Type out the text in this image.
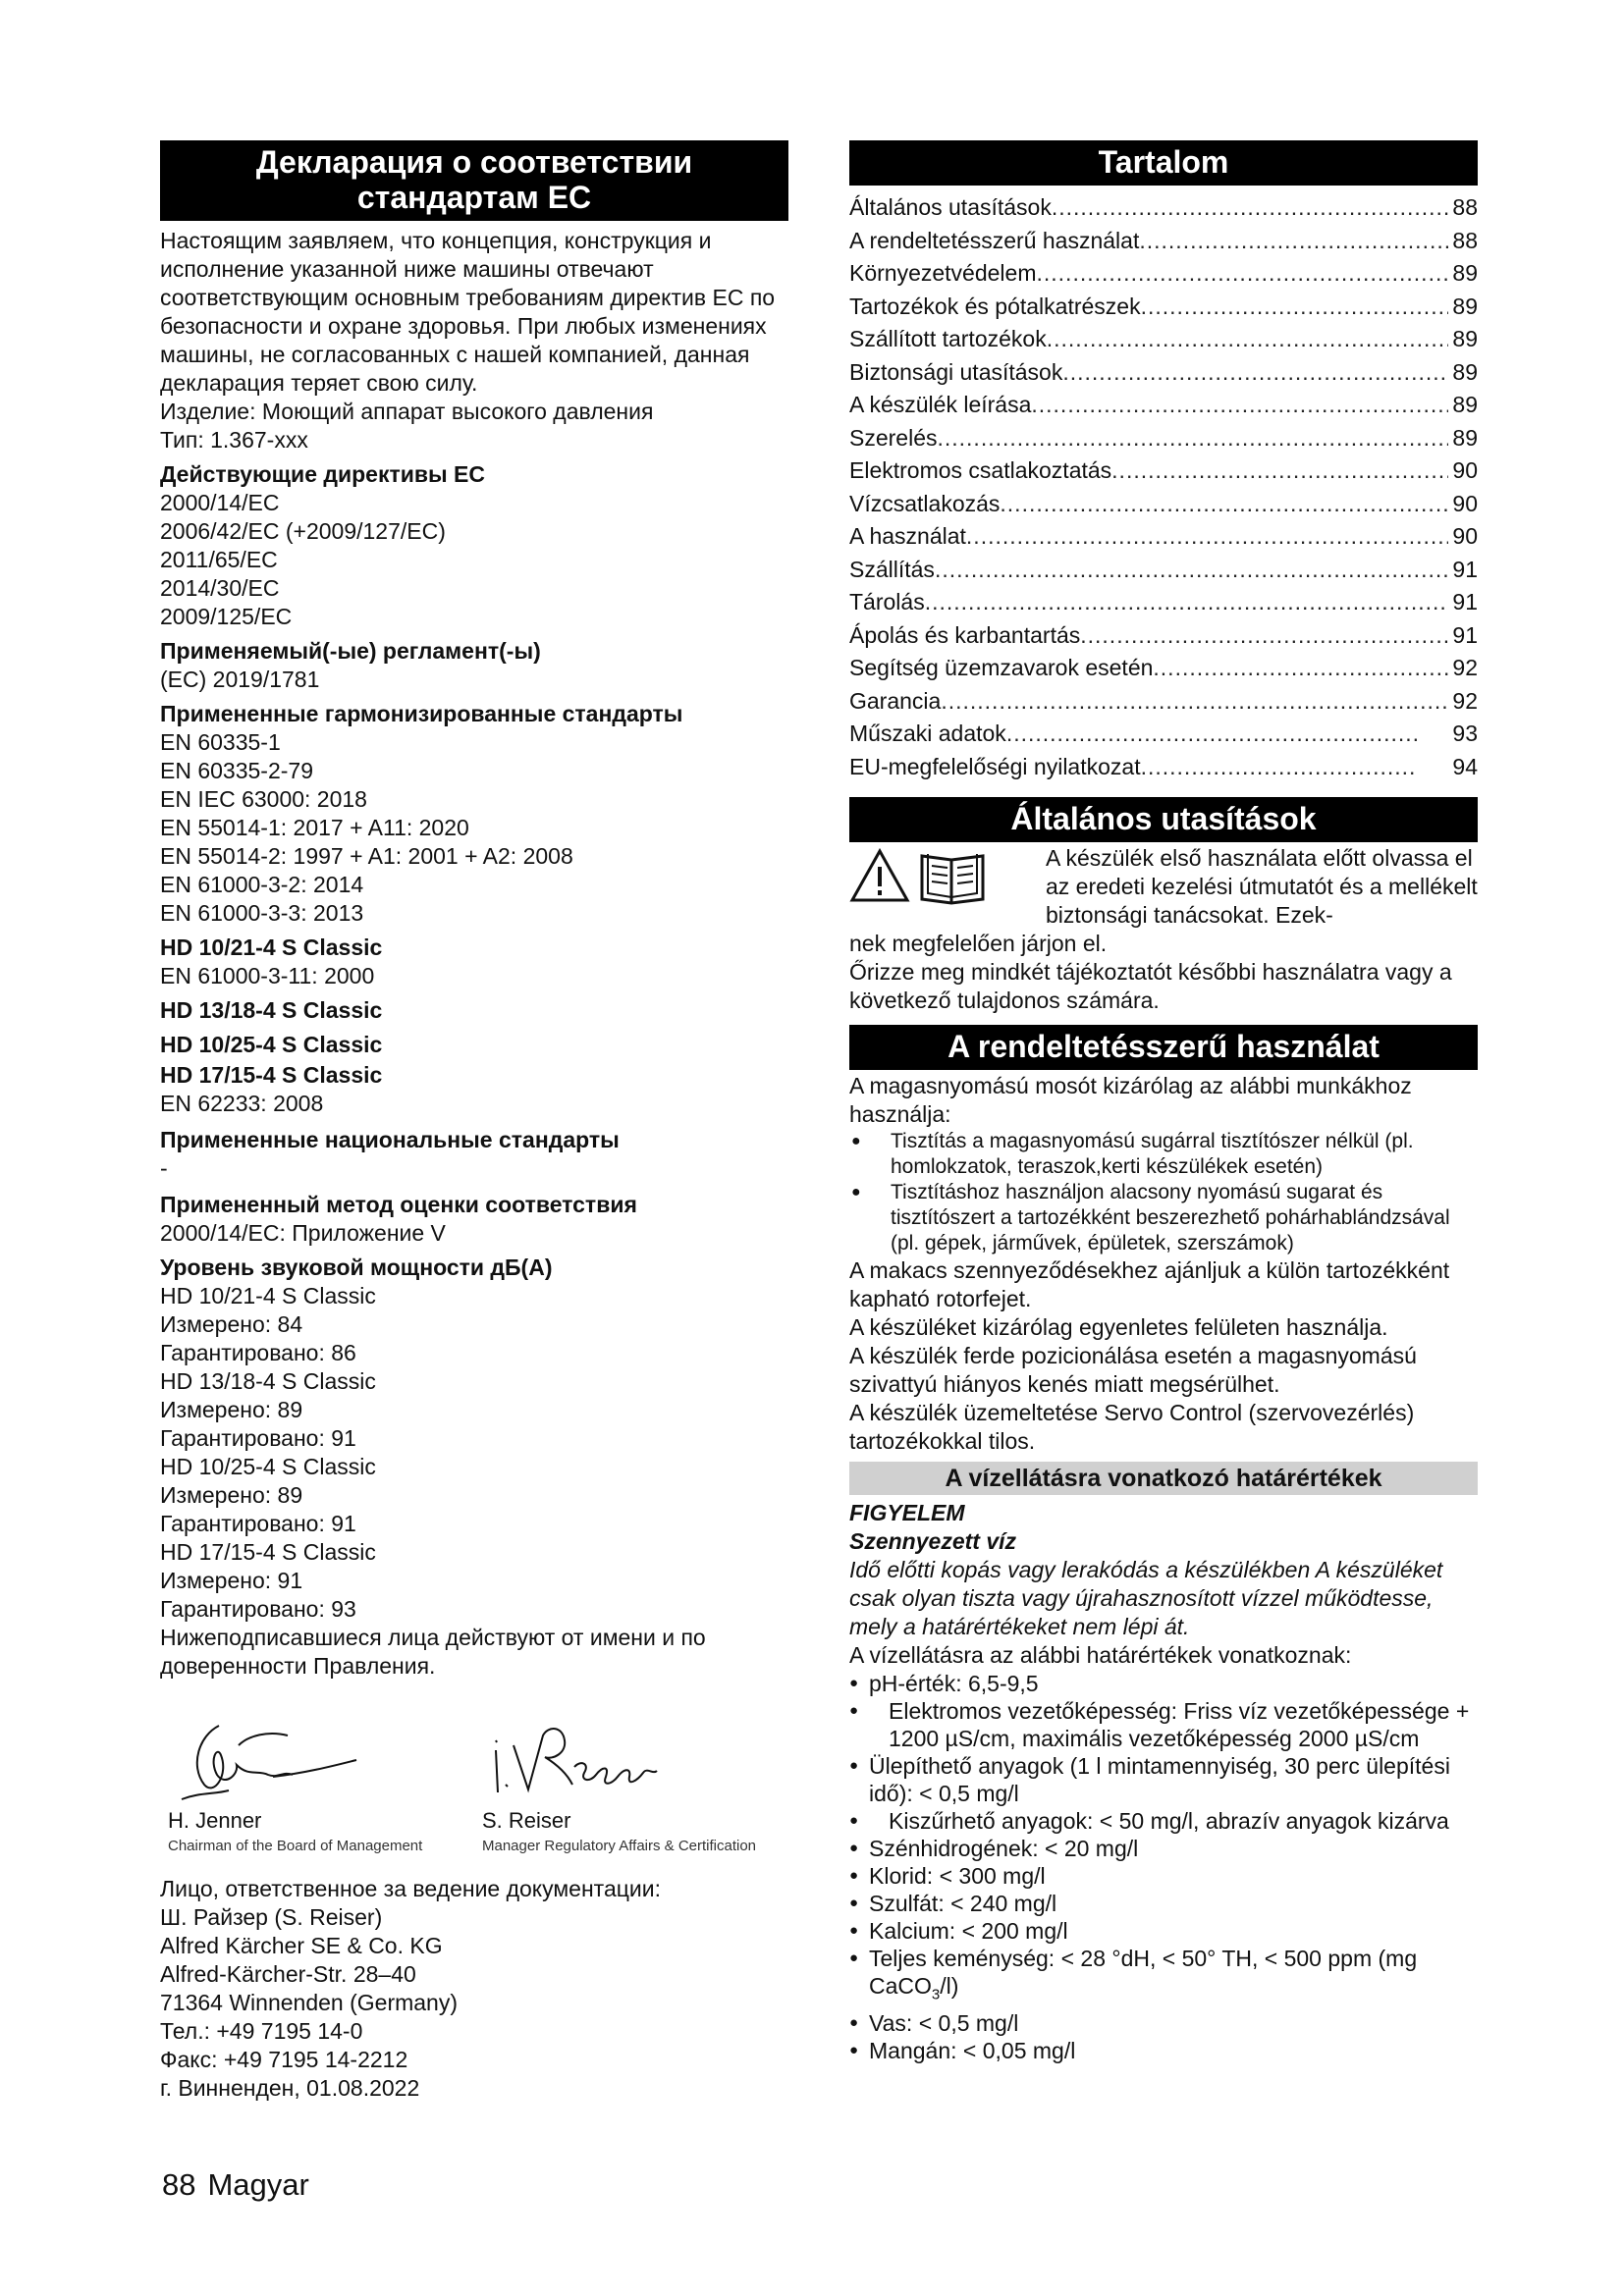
Декларация о соответствии стандартам ЕС

Настоящим заявляем, что концепция, конструкция и исполнение указанной ниже машины отвечают соответствующим основным требованиям директив ЕС по безопасности и охране здоровья. При любых изменениях машины, не согласованных с нашей компанией, данная декларация теряет свою силу.

Изделие: Моющий аппарат высокого давления

Тип: 1.367-xxx

Действующие директивы ЕС

2000/14/EC

2006/42/EC (+2009/127/EC)

2011/65/EC

2014/30/EC

2009/125/EC

Применяемый(-ые) регламент(-ы)

(EC) 2019/1781

Примененные гармонизированные стандарты

EN 60335-1

EN 60335-2-79

EN IEC 63000: 2018

EN 55014-1: 2017 + A11: 2020

EN 55014-2: 1997 + A1: 2001 + A2: 2008

EN 61000-3-2: 2014

EN 61000-3-3: 2013

HD 10/21-4 S Classic

EN 61000-3-11: 2000

HD 13/18-4 S Classic
HD 10/25-4 S Classic
HD 17/15-4 S Classic

EN 62233: 2008

Примененные национальные стандарты

-

Примененный метод оценки соответствия

2000/14/EC: Приложение V

Уровень звуковой мощности дБ(A)

HD 10/21-4 S Classic

Измерено: 84

Гарантировано: 86

HD 13/18-4 S Classic

Измерено: 89

Гарантировано: 91

HD 10/25-4 S Classic

Измерено: 89

Гарантировано: 91

HD 17/15-4 S Classic

Измерено: 91

Гарантировано: 93

Нижеподписавшиеся лица действуют от имени и по доверенности Правления.

H. Jenner
Chairman of the Board of Management
S. Reiser
Manager Regulatory Affairs & Certification

Лицо, ответственное за ведение документации:

Ш. Райзер (S. Reiser)

Alfred Kärcher SE & Co. KG

Alfred-Kärcher-Str. 28–40

71364 Winnenden (Germany)

Тел.: +49 7195 14-0

Факс: +49 7195 14-2212

г. Винненден, 01.08.2022

Tartalom
Általános utasítások .....	88
A rendeltetésszerű használat .....	88
Környezetvédelem .....	89
Tartozékok és pótalkatrészek .....	89
Szállított tartozékok .....	89
Biztonsági utasítások .....	89
A készülék leírása .....	89
Szerelés .....	89
Elektromos csatlakoztatás .....	90
Vízcsatlakozás .....	90
A használat .....	90
Szállítás .....	91
Tárolás .....	91
Ápolás és karbantartás .....	91
Segítség üzemzavarok esetén .....	92
Garancia .....	92
Műszaki adatok .....	93
EU-megfelelőségi nyilatkozat .....	94
Általános utasítások

A készülék első használata előtt olvassa el az eredeti kezelési útmutatót és a mellékelt biztonsági tanácsokat. Ezek-

nek megfelelően járjon el.

Őrizze meg mindkét tájékoztatót későbbi használatra vagy a következő tulajdonos számára.

A rendeltetésszerű használat

A magasnyomású mosót kizárólag az alábbi munkákhoz használja:

● Tisztítás a magasnyomású sugárral tisztítószer nélkül (pl. homlokzatok, teraszok,kerti készülékek esetén)
● Tisztításhoz használjon alacsony nyomású sugarat és tisztítószert a tartozékként beszerezhető pohárhablándzsával (pl. gépek, járművek, épületek, szerszámok)

A makacs szennyeződésekhez ajánljuk a külön tartozékként kapható rotorfejet.

A készüléket kizárólag egyenletes felületen használja.

A készülék ferde pozicionálása esetén a magasnyomású szivattyú hiányos kenés miatt megsérülhet.

A készülék üzemeltetése Servo Control (szervovezérlés) tartozékokkal tilos.

A vízellátásra vonatkozó határértékek

FIGYELEM

Szennyezett víz

Idő előtti kopás vagy lerakódás a készülékben A készüléket csak olyan tiszta vagy újrahasznosított vízzel működtesse, mely a határértékeket nem lépi át.

A vízellátásra az alábbi határértékek vonatkoznak:

● pH-érték: 6,5-9,5
● Elektromos vezetőképesség: Friss víz vezetőképessége + 1200 µS/cm, maximális vezetőképesség 2000 µS/cm
● Ülepíthető anyagok (1 l mintamennyiség, 30 perc ülepítési idő): < 0,5 mg/l
● Kiszűrhető anyagok: < 50 mg/l, abrazív anyagok kizárva
● Szénhidrogének: < 20 mg/l
● Klorid: < 300 mg/l
● Szulfát: < 240 mg/l
● Kalcium: < 200 mg/l
● Teljes keménység: < 28 °dH, < 50° TH, < 500 ppm (mg CaCO$_3$/l)
● Vas: < 0,5 mg/l
● Mangán: < 0,05 mg/l
88 Magyar
